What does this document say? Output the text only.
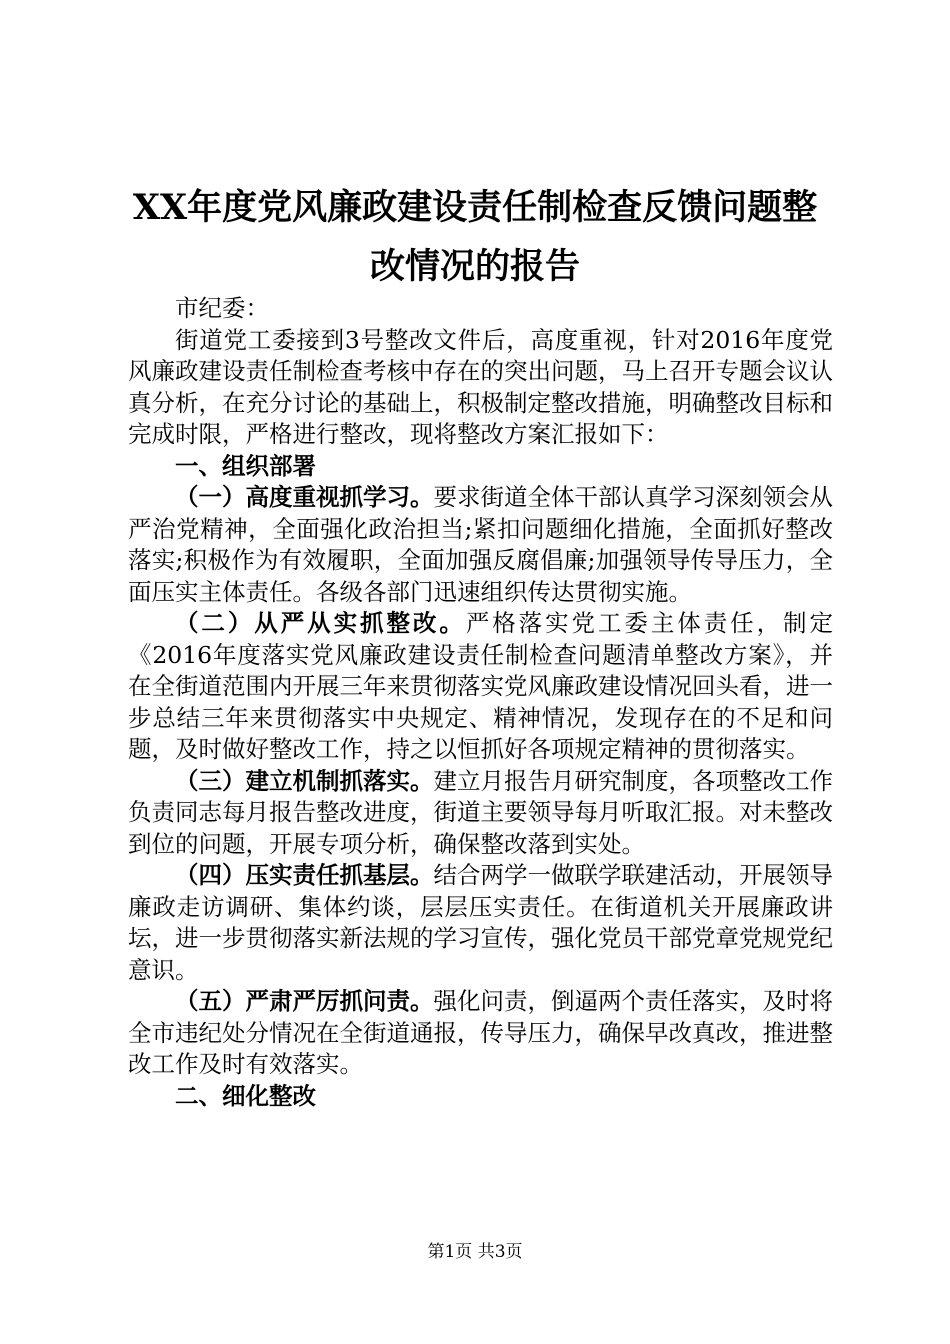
XX年度党风廉政建设责任制检查反馈问题整
改情况的报告

市纪委：

街道党工委接到3号整改文件后，高度重视，针对2016年度党风廉政建设责任制检查考核中存在的突出问题，马上召开专题会议认真分析，在充分讨论的基础上，积极制定整改措施，明确整改目标和完成时限，严格进行整改，现将整改方案汇报如下：

一、组织部署

（一）高度重视抓学习。要求街道全体干部认真学习深刻领会从严治党精神，全面强化政治担当;紧扣问题细化措施，全面抓好整改落实;积极作为有效履职，全面加强反腐倡廉;加强领导传导压力，全面压实主体责任。各级各部门迅速组织传达贯彻实施。

（二）从严从实抓整改。严格落实党工委主体责任，制定《2016年度落实党风廉政建设责任制检查问题清单整改方案》，并在全街道范围内开展三年来贯彻落实党风廉政建设情况回头看，进一步总结三年来贯彻落实中央规定、精神情况，发现存在的不足和问题，及时做好整改工作，持之以恒抓好各项规定精神的贯彻落实。

（三）建立机制抓落实。建立月报告月研究制度，各项整改工作负责同志每月报告整改进度，街道主要领导每月听取汇报。对未整改到位的问题，开展专项分析，确保整改落到实处。

（四）压实责任抓基层。结合两学一做联学联建活动，开展领导廉政走访调研、集体约谈，层层压实责任。在街道机关开展廉政讲坛，进一步贯彻落实新法规的学习宣传，强化党员干部党章党规党纪意识。

（五）严肃严厉抓问责。强化问责，倒逼两个责任落实，及时将全市违纪处分情况在全街道通报，传导压力，确保早改真改，推进整改工作及时有效落实。

二、细化整改

第1页 共3页
